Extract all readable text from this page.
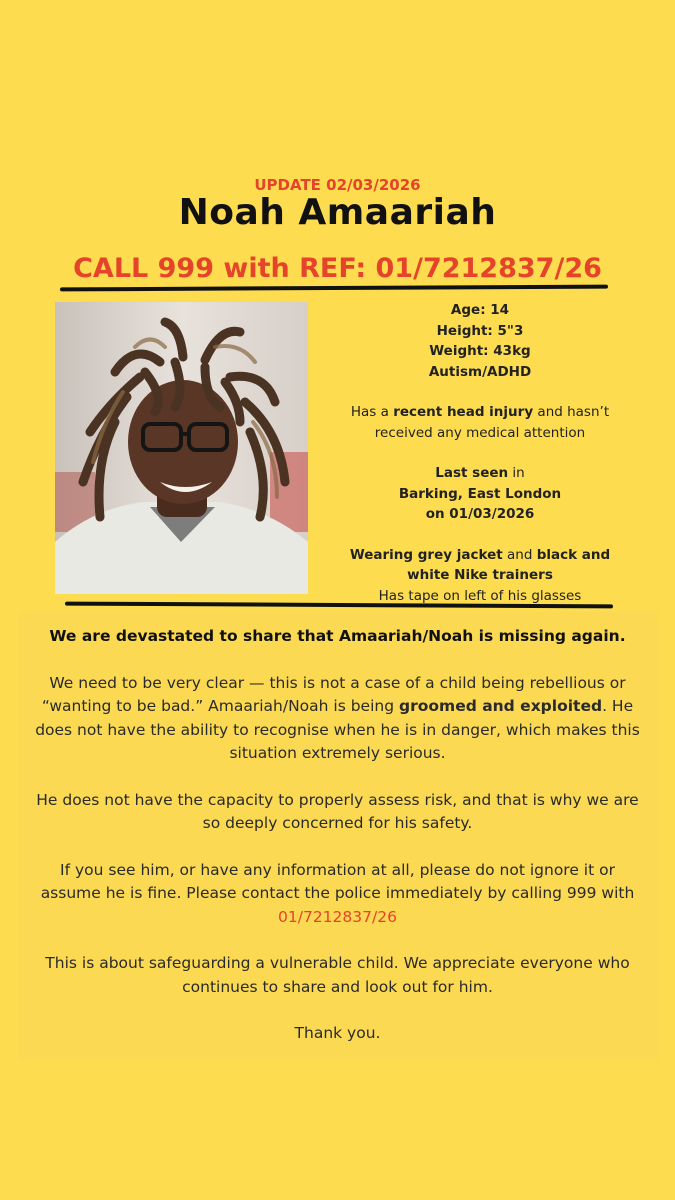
UPDATE 02/03/2026
Noah Amaariah
CALL 999 with REF: 01/7212837/26
Age: 14
Height: 5"3
Weight: 43kg
Autism/ADHD
Has a recent head injury and hasn’t received any medical attention
Last seen in
Barking, East London
on 01/03/2026
Wearing grey jacket and black and white Nike trainers
Has tape on left of his glasses

We are devastated to share that Amaariah/Noah is missing again.

We need to be very clear — this is not a case of a child being rebellious or “wanting to be bad.” Amaariah/Noah is being groomed and exploited. He does not have the ability to recognise when he is in danger, which makes this situation extremely serious.

He does not have the capacity to properly assess risk, and that is why we are so deeply concerned for his safety.

If you see him, or have any information at all, please do not ignore it or assume he is fine. Please contact the police immediately by calling 999 with 01/7212837/26

This is about safeguarding a vulnerable child. We appreciate everyone who continues to share and look out for him.

Thank you.
